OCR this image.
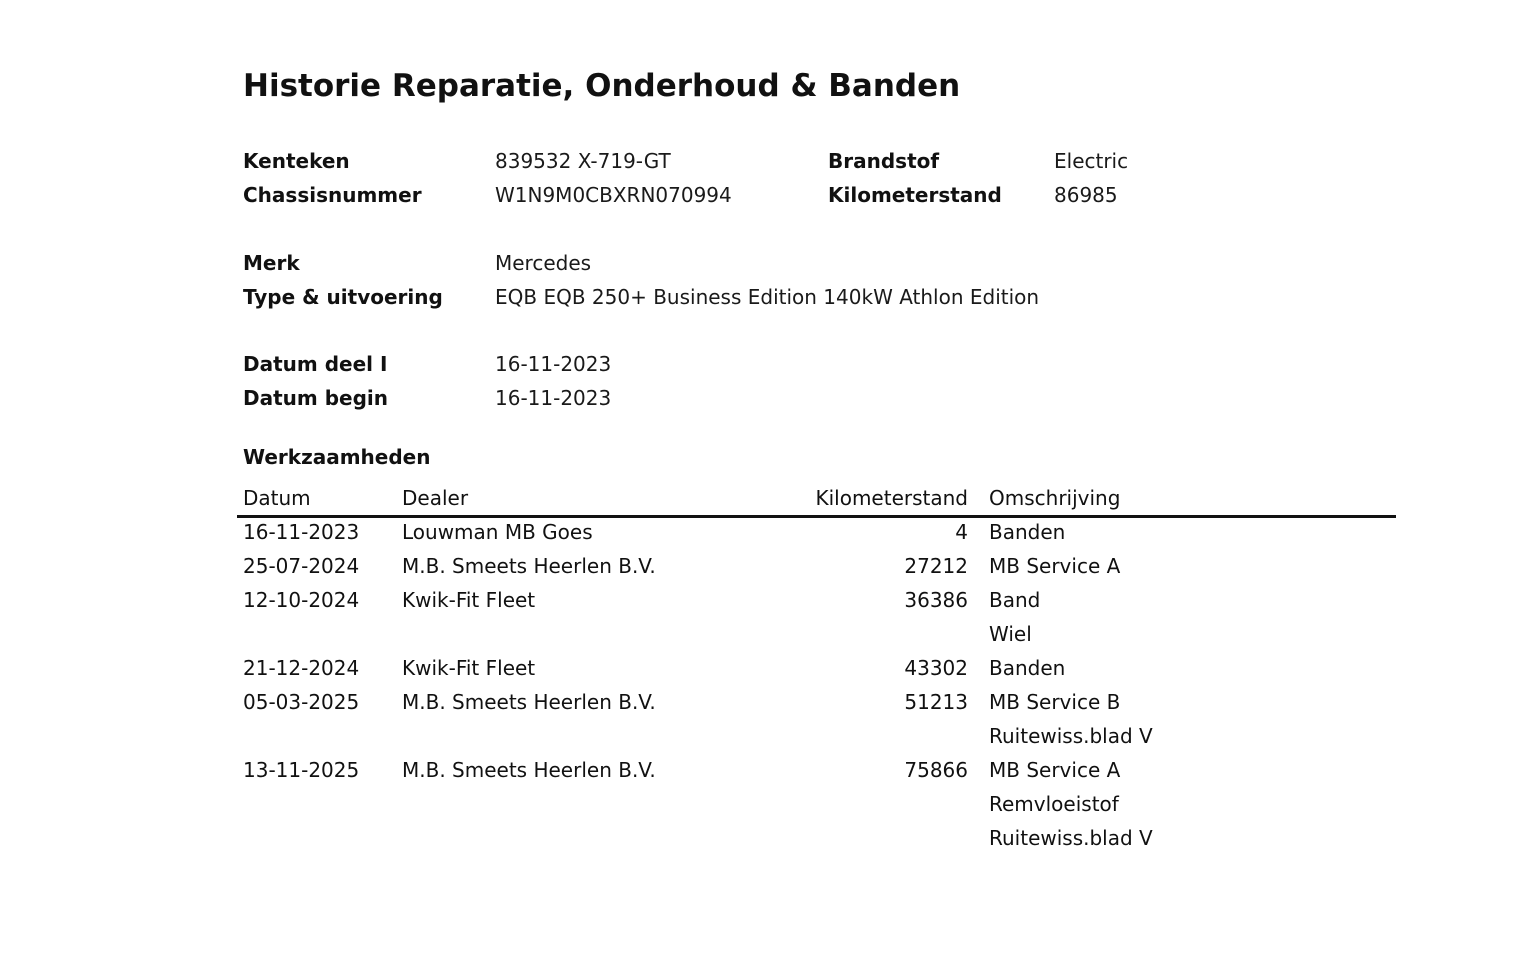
Historie Reparatie, Onderhoud & Banden
Kenteken	839532 X-719-GT	Brandstof	Electric
Chassisnummer	W1N9M0CBXRN070994	Kilometerstand	86985
Merk	Mercedes
Type & uitvoering	EQB EQB 250+ Business Edition 140kW Athlon Edition
Datum deel I	16-11-2023
Datum begin	16-11-2023
Werkzaamheden
Datum	Dealer	Kilometerstand Omschrijving
16-11-2023 Louwman MB Goes	4 Banden
25-07-2024 M.B. Smeets Heerlen B.V.	27212 MB Service A
12-10-2024 Kwik-Fit Fleet	36386 Band
Wiel
21-12-2024 Kwik-Fit Fleet	43302 Banden
05-03-2025 M.B. Smeets Heerlen B.V.	51213 MB Service B
Ruitewiss.blad V
13-11-2025 M.B. Smeets Heerlen B.V.	75866 MB Service A
Remvloeistof
Ruitewiss.blad V
